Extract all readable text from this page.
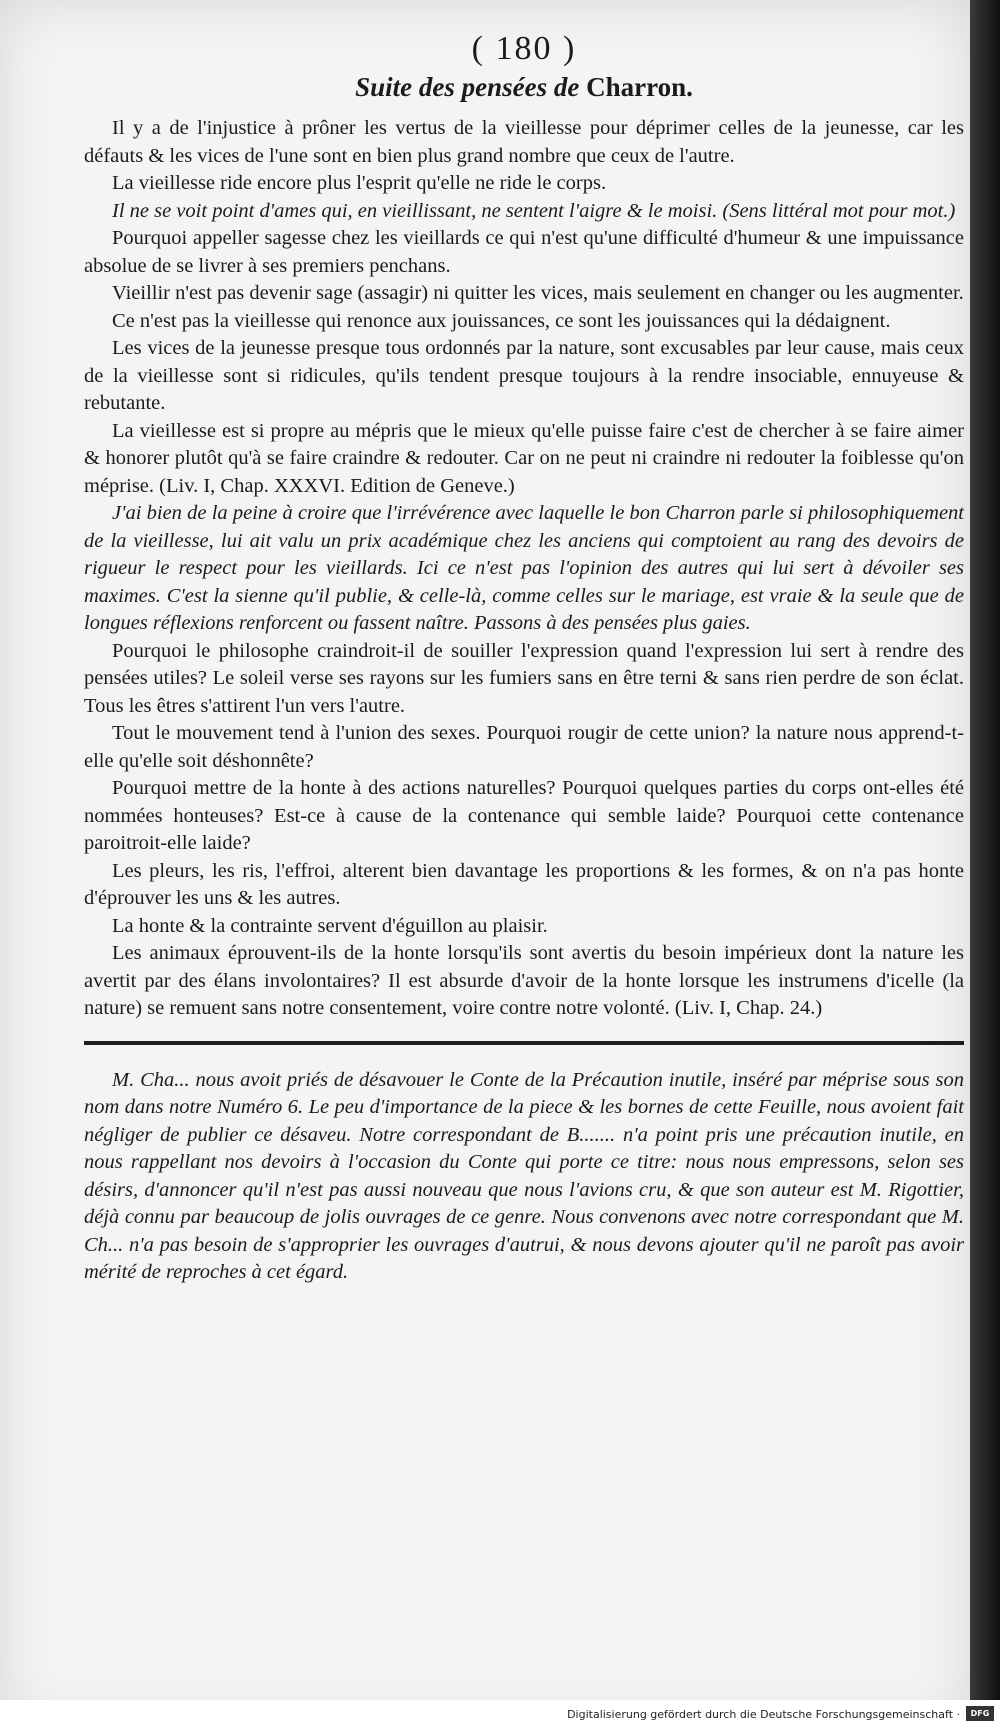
( 180 )
Suite des pensées de Charron.

Il y a de l'injustice à prôner les vertus de la vieillesse pour déprimer celles de la jeunesse, car les défauts & les vices de l'une sont en bien plus grand nombre que ceux de l'autre.

La vieillesse ride encore plus l'esprit qu'elle ne ride le corps.

Il ne se voit point d'ames qui, en vieillissant, ne sentent l'aigre & le moisi. (Sens littéral mot pour mot.)

Pourquoi appeller sagesse chez les vieillards ce qui n'est qu'une difficulté d'humeur & une impuissance absolue de se livrer à ses premiers penchans.

Vieillir n'est pas devenir sage (assagir) ni quitter les vices, mais seulement en changer ou les augmenter.

Ce n'est pas la vieillesse qui renonce aux jouissances, ce sont les jouissances qui la dédaignent.

Les vices de la jeunesse presque tous ordonnés par la nature, sont excusables par leur cause, mais ceux de la vieillesse sont si ridicules, qu'ils tendent presque toujours à la rendre insociable, ennuyeuse & rebutante.

La vieillesse est si propre au mépris que le mieux qu'elle puisse faire c'est de chercher à se faire aimer & honorer plutôt qu'à se faire craindre & redouter. Car on ne peut ni craindre ni redouter la foiblesse qu'on méprise. (Liv. I, Chap. XXXVI. Edition de Geneve.)

J'ai bien de la peine à croire que l'irrévérence avec laquelle le bon Charron parle si philosophiquement de la vieillesse, lui ait valu un prix académique chez les anciens qui comptoient au rang des devoirs de rigueur le respect pour les vieillards. Ici ce n'est pas l'opinion des autres qui lui sert à dévoiler ses maximes. C'est la sienne qu'il publie, & celle-là, comme celles sur le mariage, est vraie & la seule que de longues réflexions renforcent ou fassent naître. Passons à des pensées plus gaies.

Pourquoi le philosophe craindroit-il de souiller l'expression quand l'expression lui sert à rendre des pensées utiles? Le soleil verse ses rayons sur les fumiers sans en être terni & sans rien perdre de son éclat. Tous les êtres s'attirent l'un vers l'autre.

Tout le mouvement tend à l'union des sexes. Pourquoi rougir de cette union? la nature nous apprend-t-elle qu'elle soit déshonnête?

Pourquoi mettre de la honte à des actions naturelles? Pourquoi quelques parties du corps ont-elles été nommées honteuses? Est-ce à cause de la contenance qui semble laide? Pourquoi cette contenance paroitroit-elle laide?

Les pleurs, les ris, l'effroi, alterent bien davantage les proportions & les formes, & on n'a pas honte d'éprouver les uns & les autres.

La honte & la contrainte servent d'éguillon au plaisir.

Les animaux éprouvent-ils de la honte lorsqu'ils sont avertis du besoin impérieux dont la nature les avertit par des élans involontaires? Il est absurde d'avoir de la honte lorsque les instrumens d'icelle (la nature) se remuent sans notre consentement, voire contre notre volonté. (Liv. I, Chap. 24.)

M. Cha... nous avoit priés de désavouer le Conte de la Précaution inutile, inséré par méprise sous son nom dans notre Numéro 6. Le peu d'importance de la piece & les bornes de cette Feuille, nous avoient fait négliger de publier ce désaveu. Notre correspondant de B....... n'a point pris une précaution inutile, en nous rappellant nos devoirs à l'occasion du Conte qui porte ce titre: nous nous empressons, selon ses désirs, d'annoncer qu'il n'est pas aussi nouveau que nous l'avions cru, & que son auteur est M. Rigottier, déjà connu par beaucoup de jolis ouvrages de ce genre. Nous convenons avec notre correspondant que M. Ch... n'a pas besoin de s'approprier les ouvrages d'autrui, & nous devons ajouter qu'il ne paroît pas avoir mérité de reproches à cet égard.

Digitalisierung gefördert durch die Deutsche Forschungsgemeinschaft ·	DFG
